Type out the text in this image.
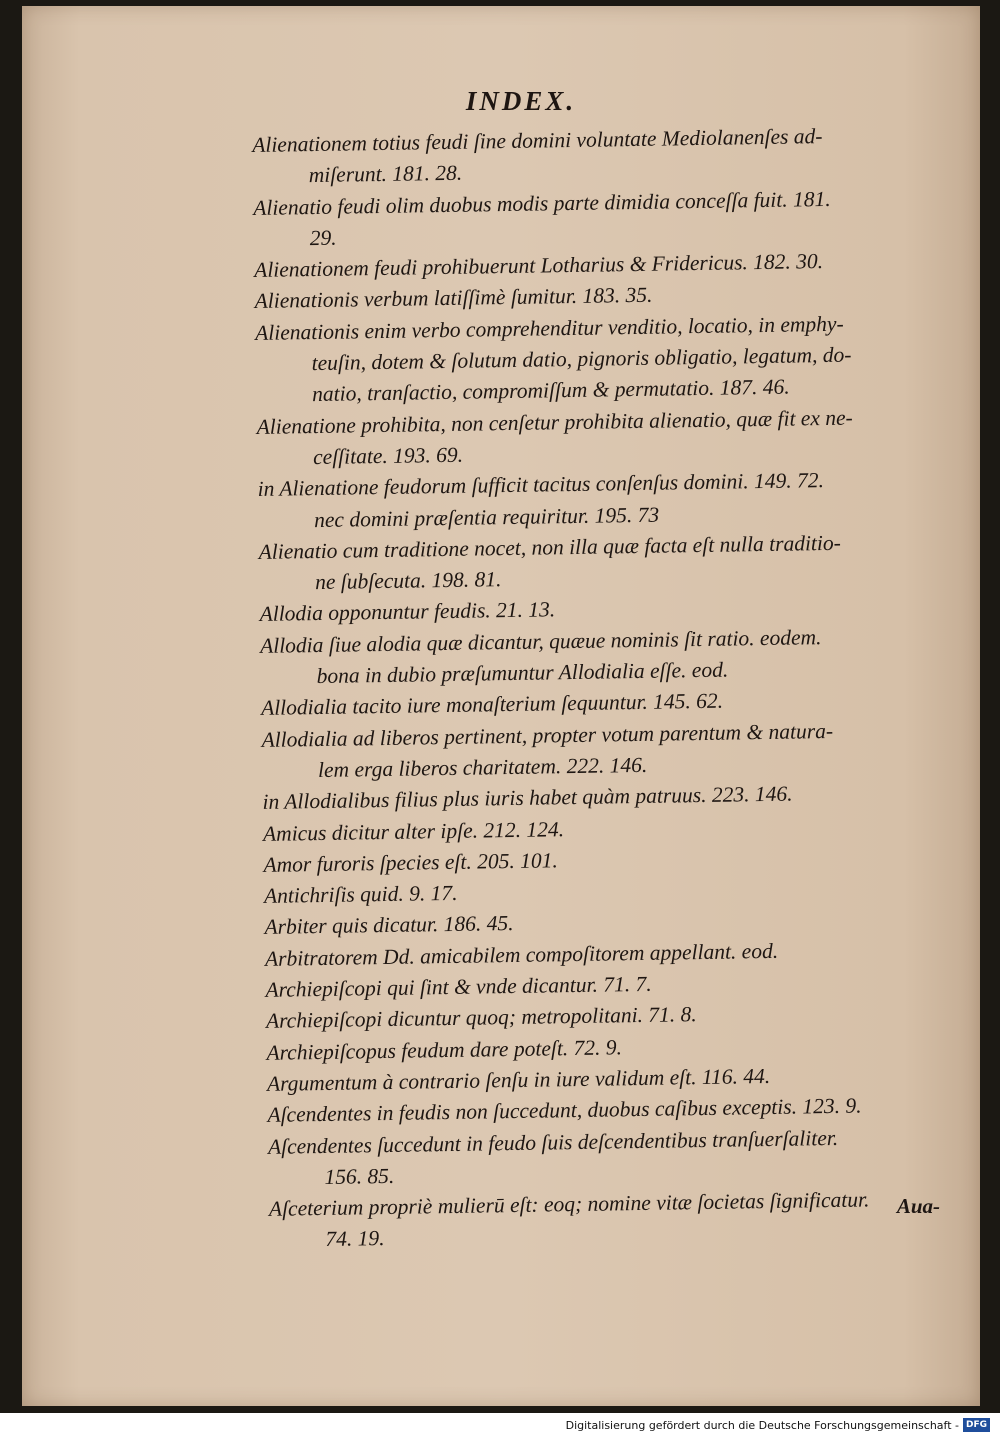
INDEX.
Alienationem totius feudi ſine domini voluntate Mediolanenſes ad-
miſerunt. 181. 28.
Alienatio feudi olim duobus modis parte dimidia conceſſa fuit. 181.
29.
Alienationem feudi prohibuerunt Lotharius & Fridericus. 182. 30.
Alienationis verbum latiſſimè ſumitur. 183. 35.
Alienationis enim verbo comprehenditur venditio, locatio, in emphy-
teuſin, dotem & ſolutum datio, pignoris obligatio, legatum, do-
natio, tranſactio, compromiſſum & permutatio. 187. 46.
Alienatione prohibita, non cenſetur prohibita alienatio, quæ fit ex ne-
ceſſitate. 193. 69.
in Alienatione feudorum ſufficit tacitus conſenſus domini. 149. 72.
nec domini præſentia requiritur. 195. 73
Alienatio cum traditione nocet, non illa quæ facta eſt nulla traditio-
ne ſubſecuta. 198. 81.
Allodia opponuntur feudis. 21. 13.
Allodia ſiue alodia quæ dicantur, quæue nominis ſit ratio. eodem.
bona in dubio præſumuntur Allodialia eſſe. eod.
Allodialia tacito iure monaſterium ſequuntur. 145. 62.
Allodialia ad liberos pertinent, propter votum parentum & natura-
lem erga liberos charitatem. 222. 146.
in Allodialibus filius plus iuris habet quàm patruus. 223. 146.
Amicus dicitur alter ipſe. 212. 124.
Amor furoris ſpecies eſt. 205. 101.
Antichriſis quid. 9. 17.
Arbiter quis dicatur. 186. 45.
Arbitratorem Dd. amicabilem compoſitorem appellant. eod.
Archiepiſcopi qui ſint & vnde dicantur. 71. 7.
Archiepiſcopi dicuntur quoq; metropolitani. 71. 8.
Archiepiſcopus feudum dare poteſt. 72. 9.
Argumentum à contrario ſenſu in iure validum eſt. 116. 44.
Aſcendentes in feudis non ſuccedunt, duobus caſibus exceptis. 123. 9.
Aſcendentes ſuccedunt in feudo ſuis deſcendentibus tranſuerſaliter.
156. 85.
Aſceterium propriè mulierū eſt: eoq; nomine vitæ ſocietas ſignificatur.
74. 19.
Aua-
Digitalisierung gefördert durch die Deutsche Forschungsgemeinschaft - DFG
